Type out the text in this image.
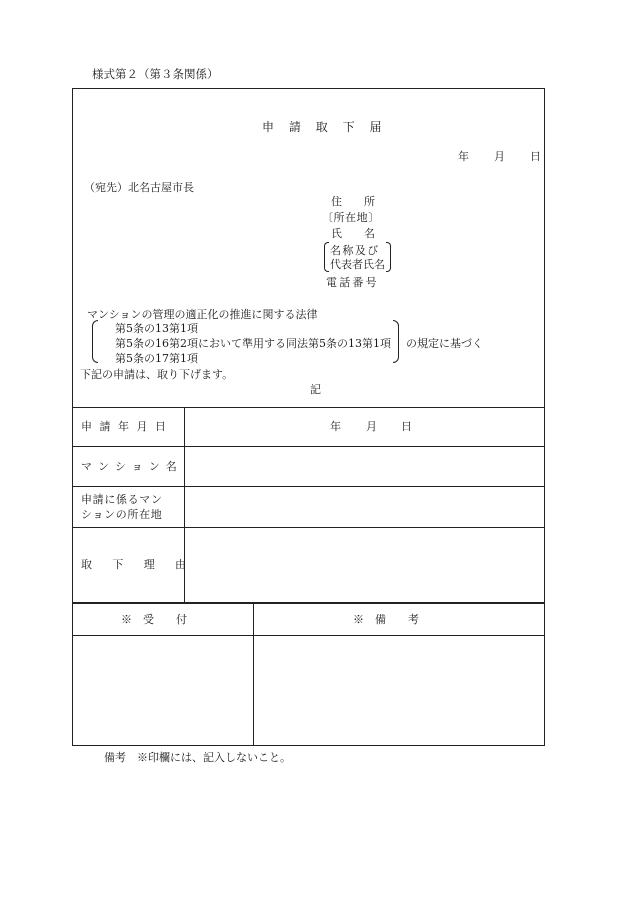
様式第２（第３条関係）
申　請　取　下　届
年 月 日
（宛先）北名古屋市長
住　　所
〔所在地〕
氏　　名
名称及び
代表者氏名
電話番号
マンションの管理の適正化の推進に関する法律
第5条の13第1項
第5条の16第2項において準用する同法第5条の13第1項
第5条の17第1項
の規定に基づく
下記の申請は、取り下げます。
記
申請年月日	年 月 日
マンション名
申請に係るマン
ションの所在地
取下理由
※　受　　付	※　備　　考
備考　※印欄には、記入しないこと。
